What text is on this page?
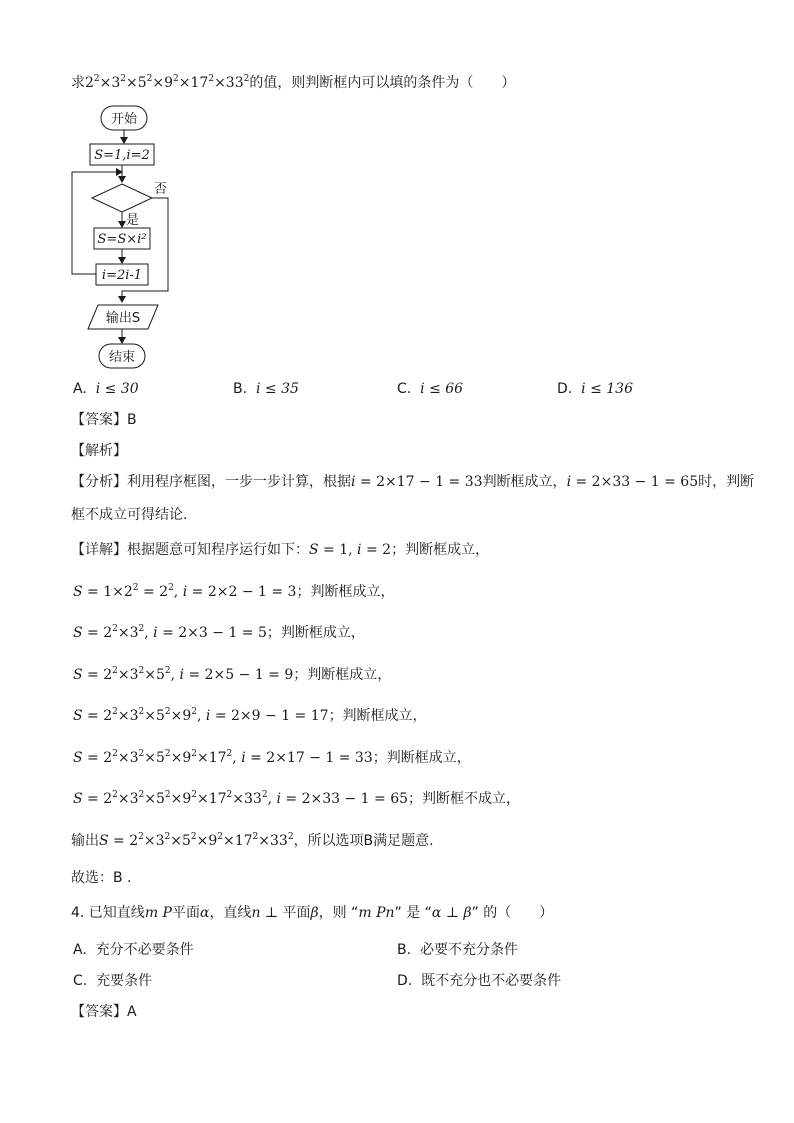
求$2^2\times 3^2\times 5^2\times 9^2\times 17^2\times 33^2$的值，则判断框内可以填的条件为（　　）
开始
S=1,i=2
否
是
S=S×i²
i=2i-1
输出S
结束
A. i ≤ 30	B. i ≤ 35	C. i ≤ 66	D. i ≤ 136
【答案】B
【解析】
【分析】利用程序框图，一步一步计算，根据i = 2×17 − 1 = 33判断框成立，i = 2×33 − 1 = 65时，判断
框不成立可得结论.
【详解】根据题意可知程序运行如下：S = 1, i = 2；判断框成立，
$S = 1\times 2^2 = 2^2$, i = 2×2 − 1 = 3；判断框成立，
$S = 2^2\times 3^2$, i = 2×3 − 1 = 5；判断框成立，
$S = 2^2\times 3^2\times 5^2$, i = 2×5 − 1 = 9；判断框成立，
$S = 2^2\times 3^2\times 5^2\times 9^2$, i = 2×9 − 1 = 17；判断框成立，
$S = 2^2\times 3^2\times 5^2\times 9^2\times 17^2$, i = 2×17 − 1 = 33；判断框成立，
$S = 2^2\times 3^2\times 5^2\times 9^2\times 17^2\times 33^2$, i = 2×33 − 1 = 65；判断框不成立，
输出$S = 2^2\times 3^2\times 5^2\times 9^2\times 17^2\times 33^2$，所以选项B满足题意.
故选：B .
4. 已知直线m P平面α，直线n ⊥ 平面β，则 “m Pn” 是 “α ⊥ β” 的（　　）
A. 充分不必要条件	B. 必要不充分条件
C. 充要条件	D. 既不充分也不必要条件
【答案】A
